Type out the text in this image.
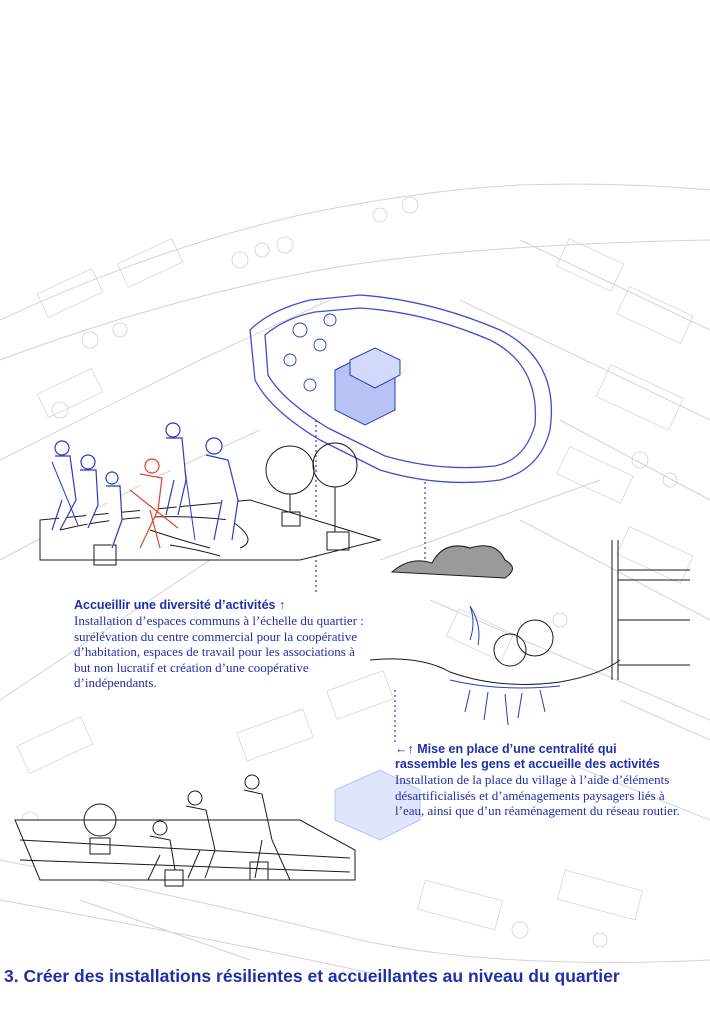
Accueillir une diversité d’activités ↑
Installation d’espaces communs à l’échelle du quartier : surélévation du centre commercial pour la coopérative d’habitation, espaces de travail pour les associations à but non lucratif et création d’une coopérative d’indépendants.
←↑ Mise en place d’une centralité qui rassemble les gens et accueille des activités
Installation de la place du village à l’aide d’éléments désartificialisés et d’aménagements paysagers liés à l’eau, ainsi que d’un réaménagement du réseau routier.
3. Créer des installations résilientes et accueillantes au niveau du quartier
